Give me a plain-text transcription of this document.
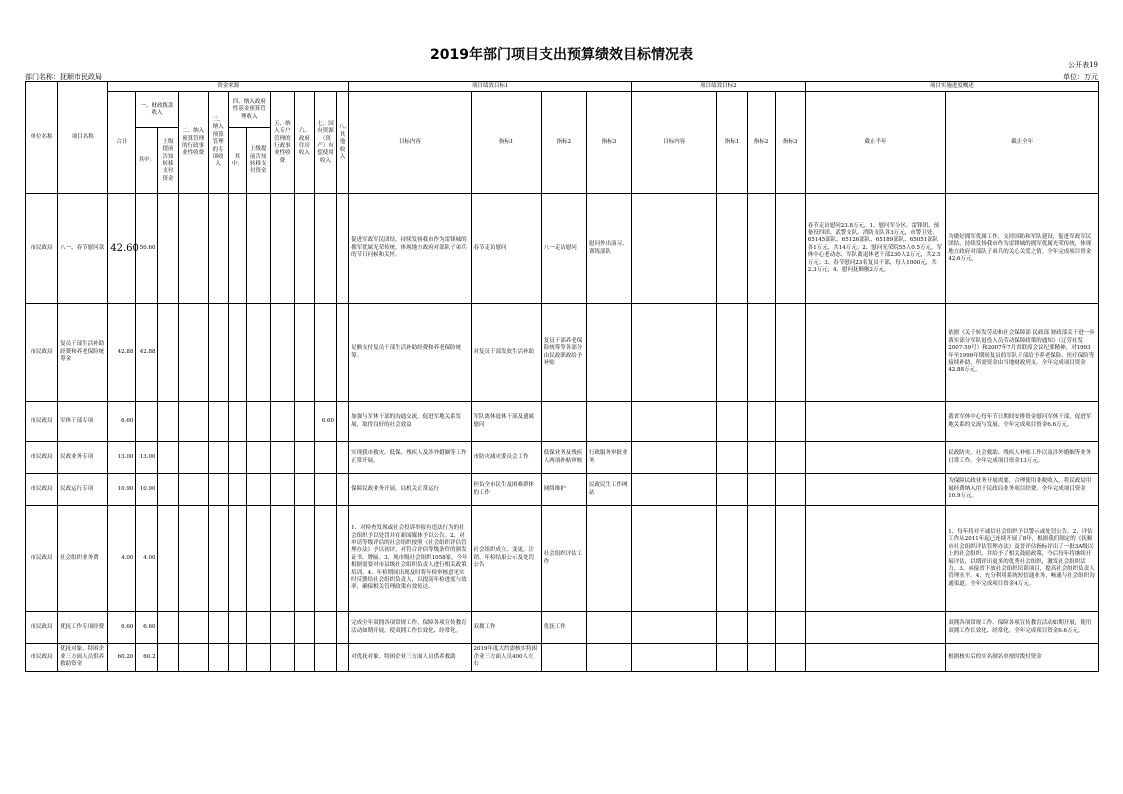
2019年部门项目支出预算绩效目标情况表
公开表19
单位：万元
部门名称：抚顺市民政局
单位名称	项目名称	资金来源											项目绩效目标1				项目绩效目标2				项目实施进度概述	
		合计	一、财政拨款收入		二、纳入预算管理的行政事业性收费	三、纳入预算管理的专项收入	四、纳入政府性基金预算管理收入		五、纳入专户管理的行政事业性收费	六、政府住房收入	七、国有资源（资产）有偿使用收入	八、其他收入	目标内容	指标1	指标2	指标3	目标内容	指标1	指标2	指标3	截止半年	截止全年
			其中：	上级提前告知转移支付资金			其中：	上级提前告知转移支付资金														

市民政局	八一、春节慰问款	42.60	50.60										促进军政军民团结，持续发扬我市作为雷锋城的拥军优属光荣传统，体现地方政府对部队子弟兵的节日问候和关怀。	春节走访慰问	八一走访慰问	慰问外出演习、训练部队					春节走访慰问23.8万元，1、慰问军分区、雷锋团、预备役四团、武警支队、消防支队各3万元，市警卫处、65145部队、65126部队、65189部队、65051部队各1万元，共14万元；2、慰问光荣院55人0.5万元，军休中心老动态、军队离退休老干部230人2万元，共2.5万元；3、春节慰问23名复员干部，每人1000元，共2.3万元；4、慰问抚顺舰2万元。	为做好拥军优属工作，支持国防和军队建设，促进军政军民团结，持续发扬我市作为雷锋城的拥军优属光荣传统，体现地方政府对部队子弟兵的关心关爱之情。全年完成项目资金42.6万元。
市民政局	复员干部生活补助经费和养老保险统筹金	42.88	42.88										足额支付复员干部生活补助经费和养老保险统筹。	对复员干部发放生活补助	复员干部养老保险统筹等各部分由民政职政给予补贴							依据《关于转发劳动和社会保障部 民政部 财政部关于进一步落实部分军队退役人员劳动保障政策的通知》（辽劳社发2007-59号）和2007年7月省联席会议纪要精神，对1993年至1999年期间复员的军队干部给予养老保险、医疗保险等接续补助，所需资金由当地财政列支。全年完成项目资金42.88万元。
市民政局	军休干部专项	6.60									6.60		加强与军休干部的沟通交流，促进军地关系发展，取得良好的社会效益	军队离休退休干部及遗属慰问								我省军休中心每年节日期间安排资金慰问军休干部，促进军地关系的交流与发展。全年完成项目资金6.6万元。
市民政局	民政业务专项	13.00	13.00										实现我市救灾、低保、残疾人及涉外婚姻等工作正常开展。	市防灾减灾委员会工作	低保业务及残疾人两项补贴审核	行政服务审批业务						民政防灾、社会救助、残疾人补贴工作以及涉外婚姻等业务日常工作。全年完成项目资金13万元。
市民政局	民政运行专项	10.90	10.90										保障民政业务开展，局机关正常运行	担负全市民生及困难群体的工作	网络维护	民政民生工作网站						为保障民政业务开展需要，合理使用非税收入。将民政局用展经费纳入用于民政局业务项目经费。全年完成项目资金10.9万元。
市民政局	社会组织业务费	4.00	4.00										1、对检查发现或社会投诉举报有违法行为的社会组织予以处罚并在新闻媒体予以公告。2、对申请等级评估的社会组织按照《社会组织评估管理办法》予以初评，对符合评估等级条件的颁发证书、牌匾。3、现市级社会组织1058家，今年根据需要对市县级社会组织负责人进行相关政策培训。4、年检期间出现及时将年检审核意见实时反馈给社会组织负责人，以提高年检进度与效率，确保相关管理政策有效传达。	社会组织成立、变更、注销、年检结果公示及处罚公告	社会组织评估工作							1、每年将对不诚信社会组织予以警示或处罚公告。2、评估工作从2011年起已连续开展了8年，根据我们制定的《抚顺市社会组织评估管理办法》及晋评估指标评出了一批3A级以上的社会组织，并给予了相关鼓励政策，今后每年将继续开展评估，以期评出更多的优秀社会组织，激发社会组织活力。3、承接省下放社会组织培训项目，提高社会组织负责人管理水平。4、充分利用系统短信通业务，畅通与社会组织沟通渠道。全年完成项目资金4万元。
市民政局	优抚工作专项经费	6.60	6.60										完成全年双拥各项常规工作，保障各项宣传教育活动如期开展，使双拥工作长效化、经常化。	双拥工作	优抚工作							双拥各项常规工作、保障各项宣传教育活动如期开展，使用双拥工作长效化、经常化。全年完成项目资金6.6万元。
市民政局	优抚对象、特困企业三方面人员供养救助资金	60.20	60.2										对优抚对象、特困企业三方面人员供养救助	2019年度大约需核实特困企业三方面人员400人左右								根据核实后的实名制名单按时拨付资金
